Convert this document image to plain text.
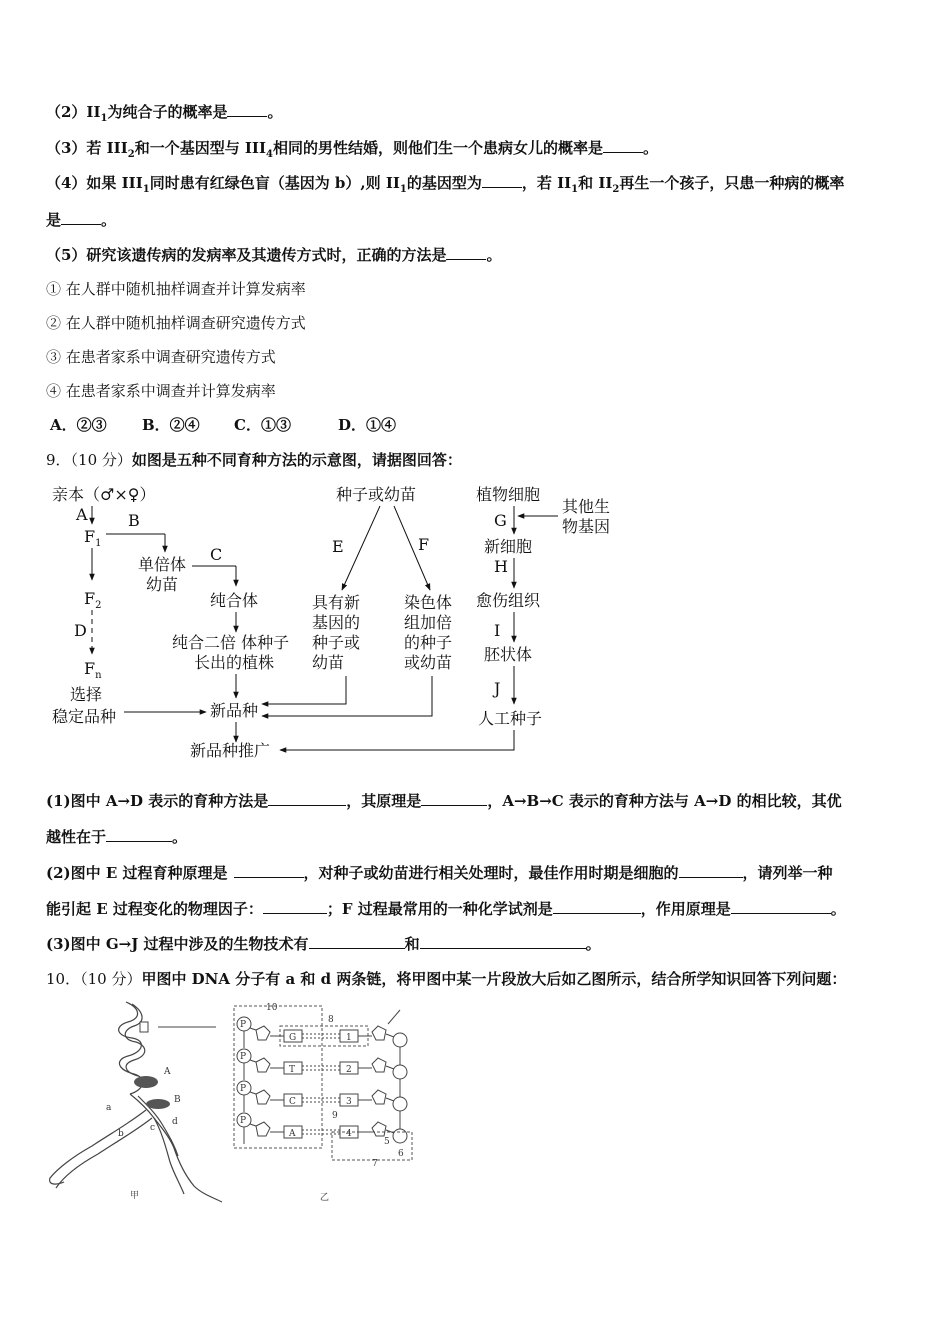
$(2)II_1$为纯合子的概率是	。
（3）若 $III_2$和一个基因型与 $III_4$相同的男性结婚，则他们生一个患病女儿的概率是	。
（4）如果 $III_1$同时患有红绿色盲（基因为 b）,则 $II_1$的基因型为	，若 $II_1$和 $II_2$再生一个孩子，只患一种病的概率
是	。
（5）研究该遗传病的发病率及其遗传方式时，正确的方法是	。
① 在人群中随机抽样调查并计算发病率
② 在人群中随机抽样调查研究遗传方式
③ 在患者家系中调查研究遗传方式
④ 在患者家系中调查并计算发病率
A．②③ B．②④ C．①③	D．①④
9．（10 分）如图是五种不同育种方法的示意图，请据图回答：
亲本（♂×♀）
A
$F_1$
B
$F_2$
D
$F_n$
选择
稳定品种
单倍体
幼苗
C
纯合体
纯合二倍 体种子
长出的植株
新品种
新品种推广
种子或幼苗
E	F
具有新
基因的
种子或
幼苗
染色体
组加倍
的种子
或幼苗
植物细胞
其他生
物基因
G
新细胞
H
愈伤组织
I
胚状体
J
人工种子
(1)图中 A→D 表示的育种方法是	，其原理是	，A→B→C 表示的育种方法与 A→D 的相比较，其优
越性在于	。
(2)图中 E 过程育种原理是	，对种子或幼苗进行相关处理时，最佳作用时期是细胞的	，请列举一种
能引起 E 过程变化的物理因子：	；F 过程最常用的一种化学试剂是	，作用原理是	。
(3)图中 G→J 过程中涉及的生物技术有	和	。
10．（10 分）甲图中 DNA 分子有 a 和 d 两条链，将甲图中某一片段放大后如乙图所示，结合所学知识回答下列问题：
A
B
a
b
c
d
甲
10
8
9
7
乙
P
G	1
P
T	2
P
C	3
P
A	4
5
6
